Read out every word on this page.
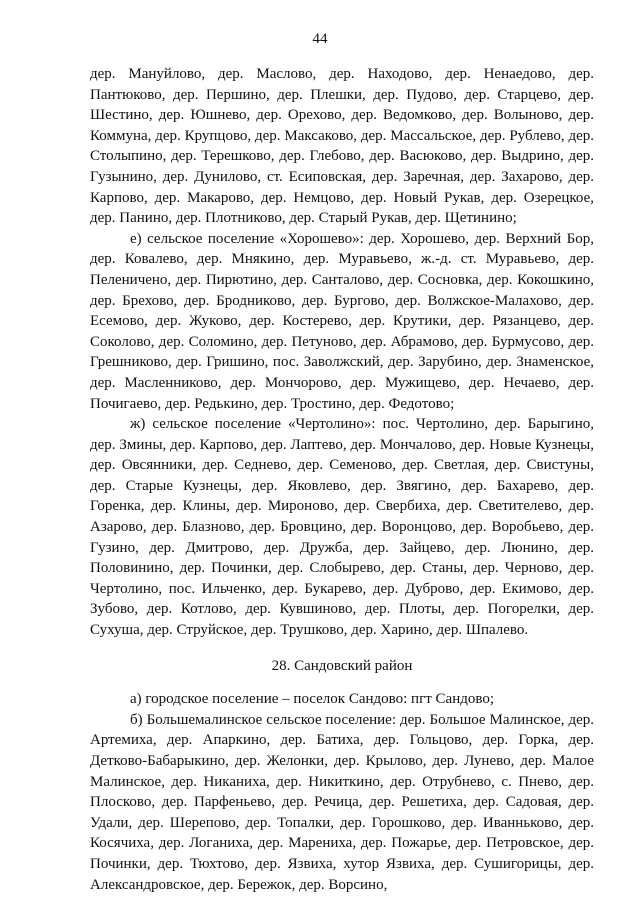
44

дер. Мануйлово, дер. Маслово, дер. Находово, дер. Ненаедово, дер. Пантюково, дер. Першино, дер. Плешки, дер. Пудово, дер. Старцево, дер. Шестино, дер. Юшнево, дер. Орехово, дер. Ведомково, дер. Волыново, дер. Коммуна, дер. Крупцово, дер. Максаково, дер. Массальское, дер. Рублево, дер. Столыпино, дер. Терешково, дер. Глебово, дер. Васюково, дер. Выдрино, дер. Гузынино, дер. Дунилово, ст. Есиповская, дер. Заречная, дер. Захарово, дер. Карпово, дер. Макарово, дер. Немцово, дер. Новый Рукав, дер. Озерецкое, дер. Панино, дер. Плотниково, дер. Старый Рукав, дер. Щетинино;

е) сельское поселение «Хорошево»: дер. Хорошево, дер. Верхний Бор, дер. Ковалево, дер. Мнякино, дер. Муравьево, ж.-д. ст. Муравьево, дер. Пеленичено, дер. Пирютино, дер. Санталово, дер. Сосновка, дер. Кокошкино, дер. Брехово, дер. Бродниково, дер. Бургово, дер. Волжское-Малахово, дер. Есемово, дер. Жуково, дер. Костерево, дер. Крутики, дер. Рязанцево, дер. Соколово, дер. Соломино, дер. Петуново, дер. Абрамово, дер. Бурмусово, дер. Грешниково, дер. Гришино, пос. Заволжский, дер. Зарубино, дер. Знаменское, дер. Масленниково, дер. Мончорово, дер. Мужищево, дер. Нечаево, дер. Почигаево, дер. Редькино, дер. Тростино, дер. Федотово;

ж) сельское поселение «Чертолино»: пос. Чертолино, дер. Барыгино, дер. Змины, дер. Карпово, дер. Лаптево, дер. Мончалово, дер. Новые Кузнецы, дер. Овсянники, дер. Седнево, дер. Семеново, дер. Светлая, дер. Свистуны, дер. Старые Кузнецы, дер. Яковлево, дер. Звягино, дер. Бахарево, дер. Горенка, дер. Клины, дер. Мироново, дер. Свербиха, дер. Светителево, дер. Азарово, дер. Блазново, дер. Бровцино, дер. Воронцово, дер. Воробьево, дер. Гузино, дер. Дмитрово, дер. Дружба, дер. Зайцево, дер. Люнино, дер. Половинино, дер. Починки, дер. Слобырево, дер. Станы, дер. Черново, дер. Чертолино, пос. Ильченко, дер. Букарево, дер. Дуброво, дер. Екимово, дер. Зубово, дер. Котлово, дер. Кувшиново, дер. Плоты, дер. Погорелки, дер. Сухуша, дер. Струйское, дер. Трушково, дер. Харино, дер. Шпалево.

28. Сандовский район

а) городское поселение – поселок Сандово: пгт Сандово;

б) Большемалинское сельское поселение: дер. Большое Малинское, дер. Артемиха, дер. Апаркино, дер. Батиха, дер. Гольцово, дер. Горка, дер. Детково-Бабарыкино, дер. Желонки, дер. Крылово, дер. Лунево, дер. Малое Малинское, дер. Никаниха, дер. Никиткино, дер. Отрубнево, с. Пнево, дер. Плосково, дер. Парфеньево, дер. Речица, дер. Решетиха, дер. Садовая, дер. Удали, дер. Шерепово, дер. Топалки, дер. Горошково, дер. Иванньково, дер. Косячиха, дер. Логаниха, дер. Марениха, дер. Пожарье, дер. Петровское, дер. Починки, дер. Тюхтово, дер. Язвиха, хутор Язвиха, дер. Сушигорицы, дер. Александровское, дер. Бережок, дер. Ворсино,
